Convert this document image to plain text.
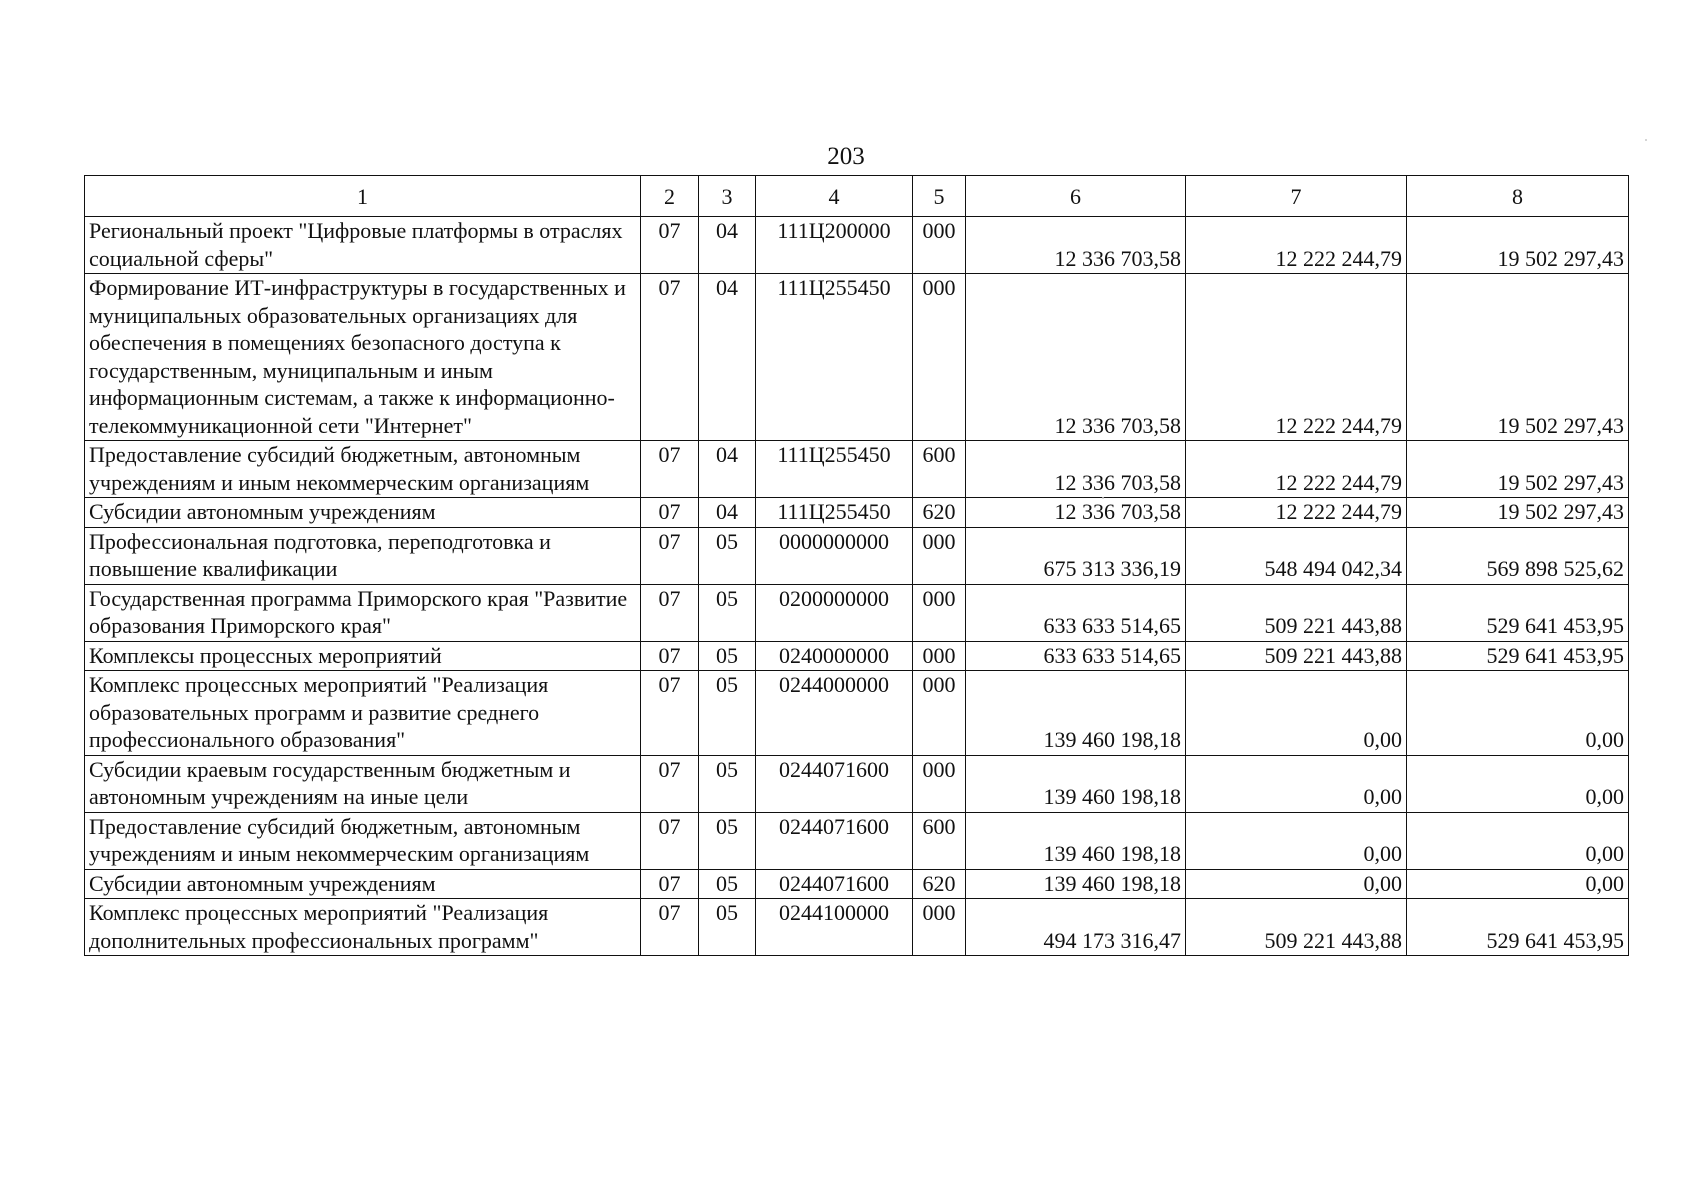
203
1	2	3	4	5	6	7	8
Региональный проект "Цифровые платформы в отраслях социальной сферы"	07	04	111Ц200000	000	12 336 703,58	12 222 244,79	19 502 297,43
Формирование ИТ-инфраструктуры в государственных и муниципальных образовательных организациях для обеспечения в помещениях безопасного доступа к государственным, муниципальным и иным информационным системам, а также к информационно-телекоммуникационной сети "Интернет"	07	04	111Ц255450	000	12 336 703,58	12 222 244,79	19 502 297,43
Предоставление субсидий бюджетным, автономным учреждениям и иным некоммерческим организациям	07	04	111Ц255450	600	12 336 703,58	12 222 244,79	19 502 297,43
Субсидии автономным учреждениям	07	04	111Ц255450	620	12 336 703,58	12 222 244,79	19 502 297,43
Профессиональная подготовка, переподготовка и повышение квалификации	07	05	0000000000	000	675 313 336,19	548 494 042,34	569 898 525,62
Государственная программа Приморского края "Развитие образования Приморского края"	07	05	0200000000	000	633 633 514,65	509 221 443,88	529 641 453,95
Комплексы процессных мероприятий	07	05	0240000000	000	633 633 514,65	509 221 443,88	529 641 453,95
Комплекс процессных мероприятий "Реализация образовательных программ и развитие среднего профессионального образования"	07	05	0244000000	000	139 460 198,18	0,00	0,00
Субсидии краевым государственным бюджетным и автономным учреждениям на иные цели	07	05	0244071600	000	139 460 198,18	0,00	0,00
Предоставление субсидий бюджетным, автономным учреждениям и иным некоммерческим организациям	07	05	0244071600	600	139 460 198,18	0,00	0,00
Субсидии автономным учреждениям	07	05	0244071600	620	139 460 198,18	0,00	0,00
Комплекс процессных мероприятий "Реализация дополнительных профессиональных программ"	07	05	0244100000	000	494 173 316,47	509 221 443,88	529 641 453,95
